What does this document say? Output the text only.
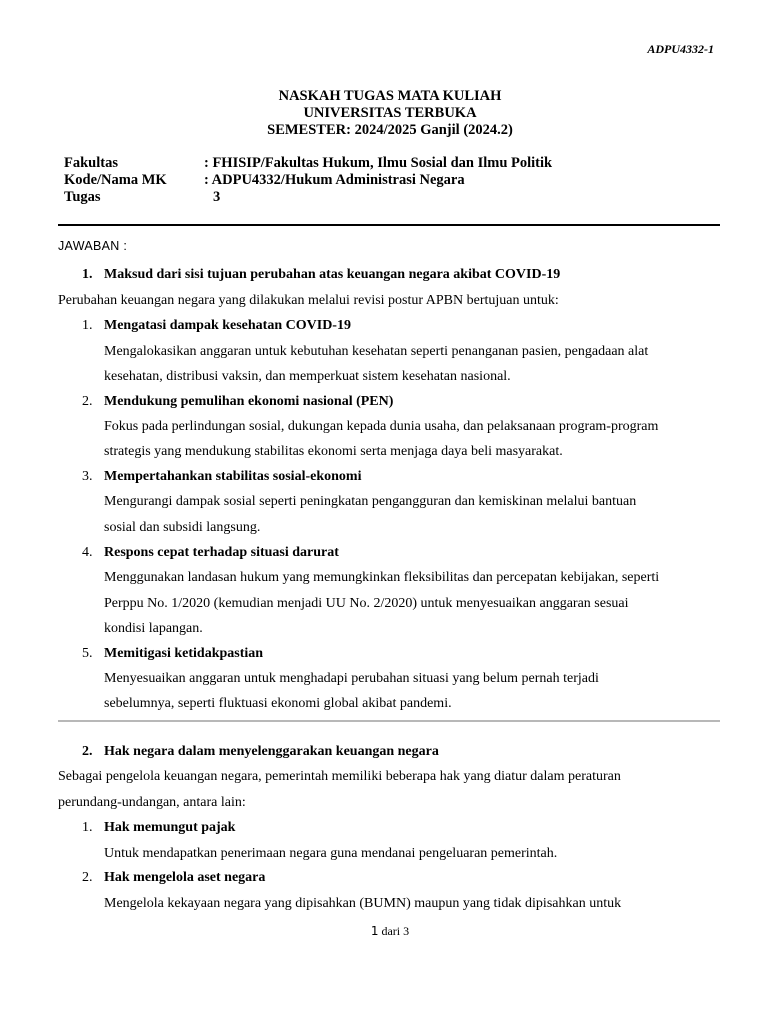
ADPU4332-1
NASKAH TUGAS MATA KULIAH
UNIVERSITAS TERBUKA
SEMESTER: 2024/2025 Ganjil (2024.2)
Fakultas	: FHISIP/Fakultas Hukum, Ilmu Sosial dan Ilmu Politik
Kode/Nama MK	: ADPU4332/Hukum Administrasi Negara
Tugas	3
JAWABAN :
1. Maksud dari sisi tujuan perubahan atas keuangan negara akibat COVID-19
Perubahan keuangan negara yang dilakukan melalui revisi postur APBN bertujuan untuk:
1. Mengatasi dampak kesehatan COVID-19
Mengalokasikan anggaran untuk kebutuhan kesehatan seperti penanganan pasien, pengadaan alat
kesehatan, distribusi vaksin, dan memperkuat sistem kesehatan nasional.
2. Mendukung pemulihan ekonomi nasional (PEN)
Fokus pada perlindungan sosial, dukungan kepada dunia usaha, dan pelaksanaan program-program
strategis yang mendukung stabilitas ekonomi serta menjaga daya beli masyarakat.
3. Mempertahankan stabilitas sosial-ekonomi
Mengurangi dampak sosial seperti peningkatan pengangguran dan kemiskinan melalui bantuan
sosial dan subsidi langsung.
4. Respons cepat terhadap situasi darurat
Menggunakan landasan hukum yang memungkinkan fleksibilitas dan percepatan kebijakan, seperti
Perppu No. 1/2020 (kemudian menjadi UU No. 2/2020) untuk menyesuaikan anggaran sesuai
kondisi lapangan.
5. Memitigasi ketidakpastian
Menyesuaikan anggaran untuk menghadapi perubahan situasi yang belum pernah terjadi
sebelumnya, seperti fluktuasi ekonomi global akibat pandemi.
2. Hak negara dalam menyelenggarakan keuangan negara
Sebagai pengelola keuangan negara, pemerintah memiliki beberapa hak yang diatur dalam peraturan
perundang-undangan, antara lain:
1. Hak memungut pajak
Untuk mendapatkan penerimaan negara guna mendanai pengeluaran pemerintah.
2. Hak mengelola aset negara
Mengelola kekayaan negara yang dipisahkan (BUMN) maupun yang tidak dipisahkan untuk
1 dari 3
